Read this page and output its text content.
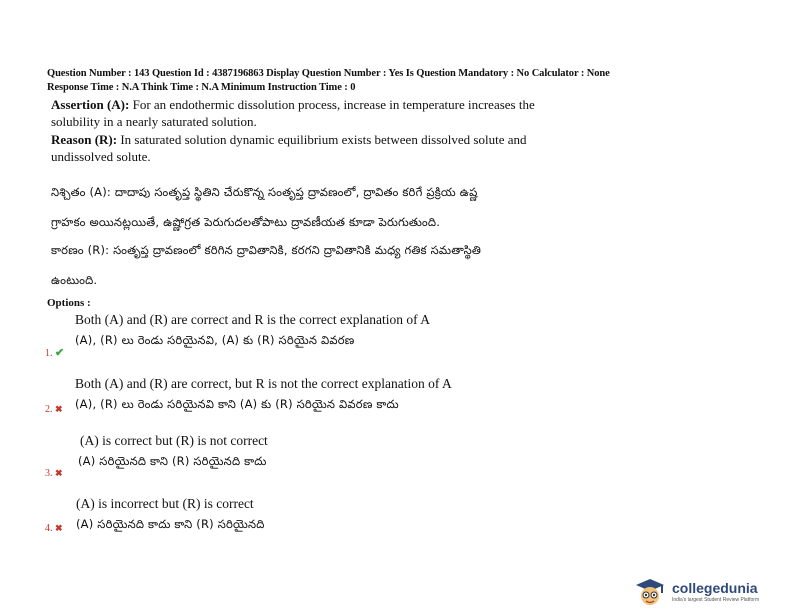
Question Number : 143 Question Id : 4387196863 Display Question Number : Yes Is Question Mandatory : No Calculator : None
Response Time : N.A Think Time : N.A Minimum Instruction Time : 0
Assertion (A): For an endothermic dissolution process, increase in temperature increases the solubility in a nearly saturated solution.
Reason (R): In saturated solution dynamic equilibrium exists between dissolved solute and undissolved solute.
నిశ్చితం (A): దాదాపు సంతృప్త స్థితిని చేరుకొన్న సంతృప్త ద్రావణంలో, ద్రావితం కరిగే ప్రక్రియ ఉష్ణ
గ్రాహకం అయినట్లయితే, ఉష్ణోగ్రత పెరుగుదలతోపాటు ద్రావణీయత కూడా పెరుగుతుంది.
కారణం (R): సంతృప్త ద్రావణంలో కరిగిన ద్రావితానికి, కరగని ద్రావితానికి మధ్య గతిక సమతాస్థితి
ఉంటుంది.
Options :
Both (A) and (R) are correct and R is the correct explanation of A
(A), (R) లు రెండు సరియైనవి, (A) కు (R) సరియైన వివరణ
1. ✔
Both (A) and (R) are correct, but R is not the correct explanation of A
(A), (R) లు రెండు సరియైనవి కాని (A) కు (R) సరియైన వివరణ కాదు
2. ✖
(A) is correct but (R) is not correct
(A) సరియైనది కాని (R) సరియైనది కాదు
3. ✖
(A) is incorrect but (R) is correct
(A) సరియైనది కాదు కాని (R) సరియైనది
4. ✖
collegedunia
India's largest Student Review Platform
